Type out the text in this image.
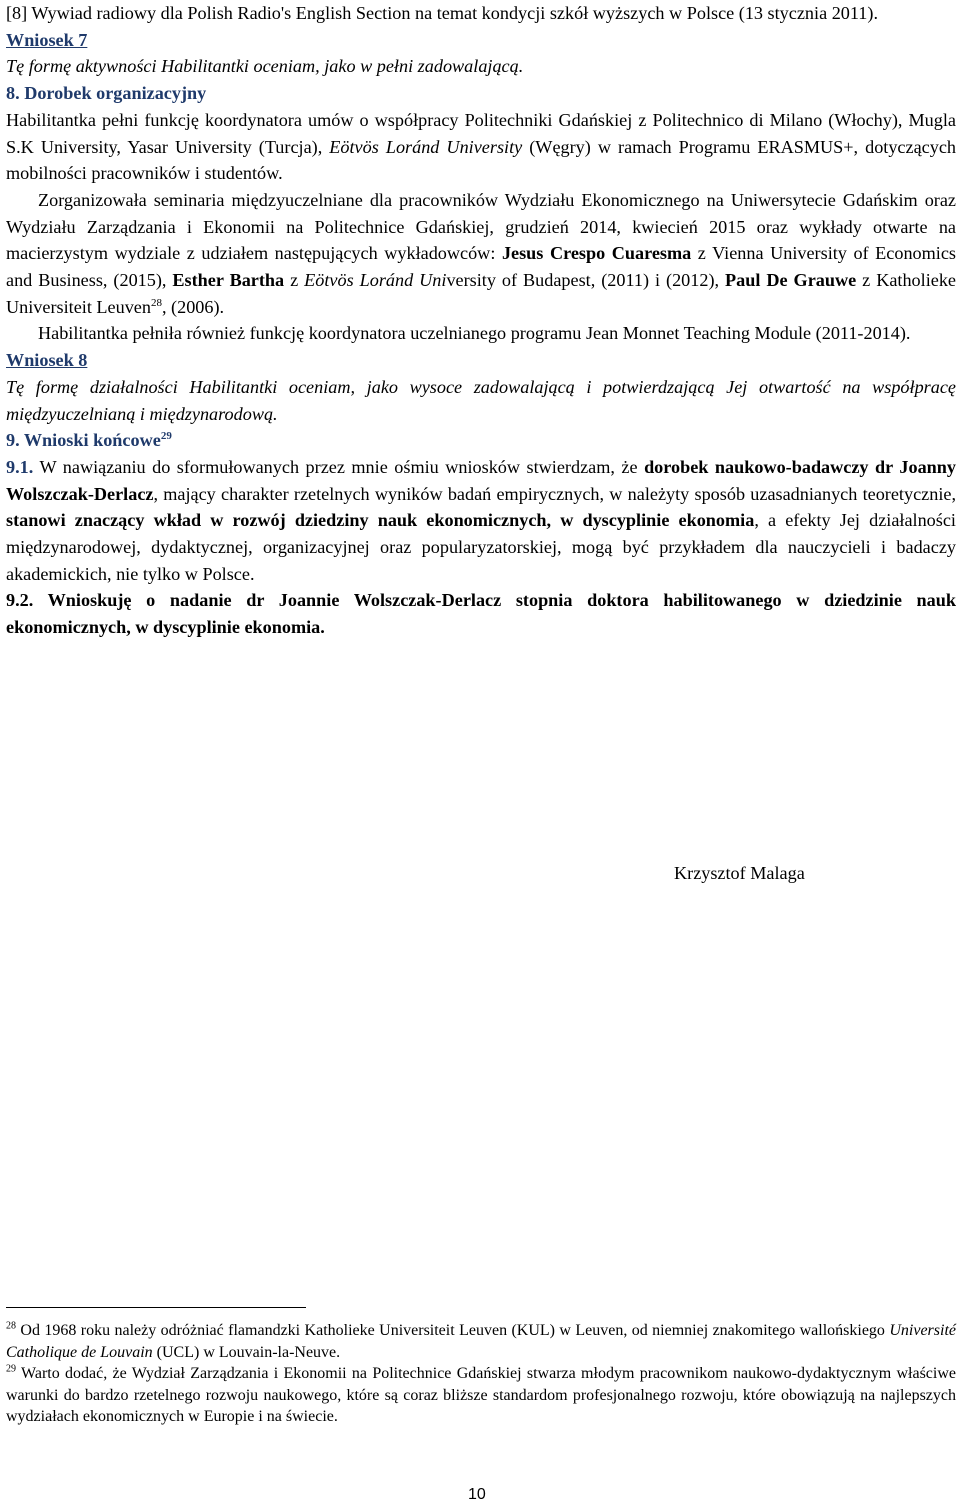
[8] Wywiad radiowy dla Polish Radio's English Section na temat kondycji szkół wyższych w Polsce (13 stycznia 2011).

Wniosek 7

Tę formę aktywności Habilitantki oceniam, jako w pełni zadowalającą.

8. Dorobek organizacyjny

Habilitantka pełni funkcję koordynatora umów o współpracy Politechniki Gdańskiej z Politechnico di Milano (Włochy), Mugla S.K University, Yasar University (Turcja), Eötvös Loránd University (Węgry) w ramach Programu ERASMUS+, dotyczących mobilności pracowników i studentów.

Zorganizowała seminaria międzyuczelniane dla pracowników Wydziału Ekonomicznego na Uniwersytecie Gdańskim oraz Wydziału Zarządzania i Ekonomii na Politechnice Gdańskiej, grudzień 2014, kwiecień 2015 oraz wykłady otwarte na macierzystym wydziale z udziałem następujących wykładowców: Jesus Crespo Cuaresma z Vienna University of Economics and Business, (2015), Esther Bartha z Eötvös Loránd University of Budapest, (2011) i (2012), Paul De Grauwe z Katholieke Universiteit Leuven$^{28}$, (2006).

Habilitantka pełniła również funkcję koordynatora uczelnianego programu Jean Monnet Teaching Module (2011-2014).

Wniosek 8

Tę formę działalności Habilitantki oceniam, jako wysoce zadowalającą i potwierdzającą Jej otwartość na współpracę międzyuczelnianą i międzynarodową.

9. Wnioski końcowe$^{29}$

9.1. W nawiązaniu do sformułowanych przez mnie ośmiu wniosków stwierdzam, że dorobek naukowo-badawczy dr Joanny Wolszczak-Derlacz, mający charakter rzetelnych wyników badań empirycznych, w należyty sposób uzasadnianych teoretycznie, stanowi znaczący wkład w rozwój dziedziny nauk ekonomicznych, w dyscyplinie ekonomia, a efekty Jej działalności międzynarodowej, dydaktycznej, organizacyjnej oraz popularyzatorskiej, mogą być przykładem dla nauczycieli i badaczy akademickich, nie tylko w Polsce.

9.2. Wnioskuję o nadanie dr Joannie Wolszczak-Derlacz stopnia doktora habilitowanego w dziedzinie nauk ekonomicznych, w dyscyplinie ekonomia.

Krzysztof Malaga

$^{28}$ Od 1968 roku należy odróżniać flamandzki Katholieke Universiteit Leuven (KUL) w Leuven, od niemniej znakomitego wallońskiego Université Catholique de Louvain (UCL) w Louvain-la-Neuve.

$^{29}$ Warto dodać, że Wydział Zarządzania i Ekonomii na Politechnice Gdańskiej stwarza młodym pracownikom naukowo-dydaktycznym właściwe warunki do bardzo rzetelnego rozwoju naukowego, które są coraz bliższe standardom profesjonalnego rozwoju, które obowiązują na najlepszych wydziałach ekonomicznych w Europie i na świecie.

10
